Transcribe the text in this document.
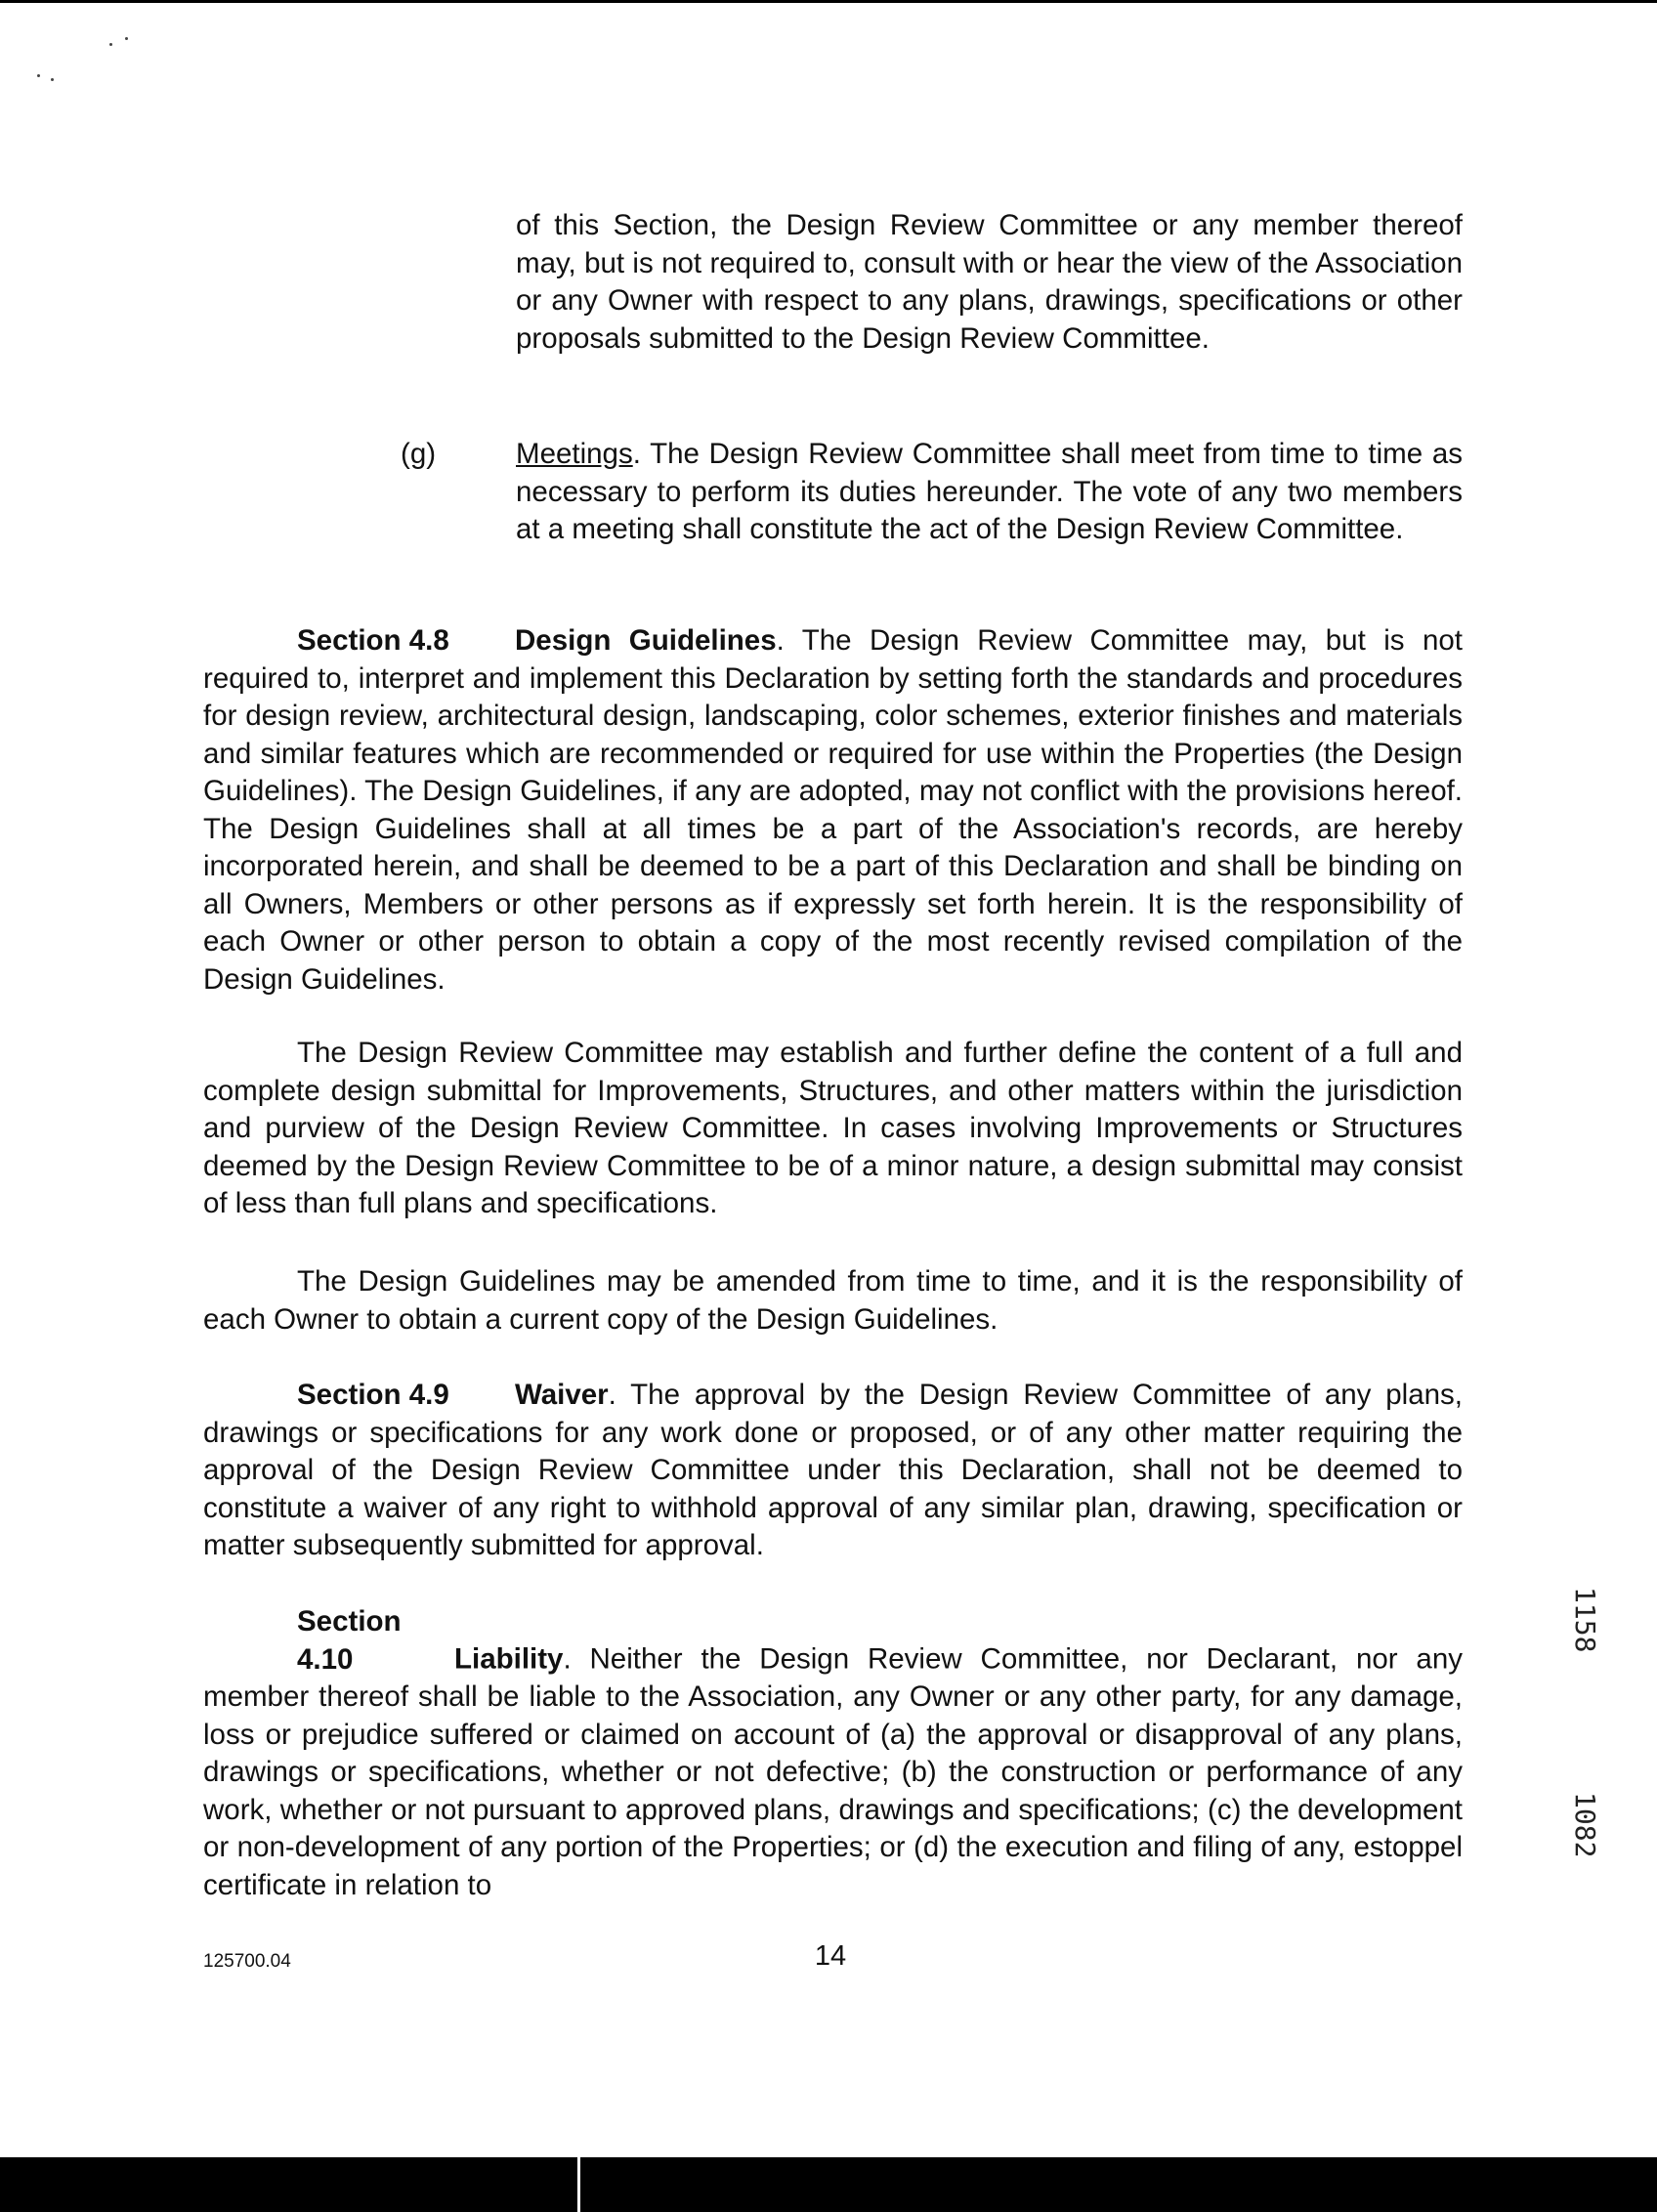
of this Section, the Design Review Committee or any member thereof may, but is not required to, consult with or hear the view of the Association or any Owner with respect to any plans, drawings, specifications or other proposals submitted to the Design Review Committee.

(g)	Meetings. The Design Review Committee shall meet from time to time as necessary to perform its duties hereunder. The vote of any two members at a meeting shall constitute the act of the Design Review Committee.

Section 4.8 Design Guidelines. The Design Review Committee may, but is not required to, interpret and implement this Declaration by setting forth the standards and procedures for design review, architectural design, landscaping, color schemes, exterior finishes and materials and similar features which are recommended or required for use within the Properties (the Design Guidelines). The Design Guidelines, if any are adopted, may not conflict with the provisions hereof. The Design Guidelines shall at all times be a part of the Association's records, are hereby incorporated herein, and shall be deemed to be a part of this Declaration and shall be binding on all Owners, Members or other persons as if expressly set forth herein. It is the responsibility of each Owner or other person to obtain a copy of the most recently revised compilation of the Design Guidelines.

The Design Review Committee may establish and further define the content of a full and complete design submittal for Improvements, Structures, and other matters within the jurisdiction and purview of the Design Review Committee. In cases involving Improvements or Structures deemed by the Design Review Committee to be of a minor nature, a design submittal may consist of less than full plans and specifications.

The Design Guidelines may be amended from time to time, and it is the responsibility of each Owner to obtain a current copy of the Design Guidelines.

Section 4.9 Waiver. The approval by the Design Review Committee of any plans, drawings or specifications for any work done or proposed, or of any other matter requiring the approval of the Design Review Committee under this Declaration, shall not be deemed to constitute a waiver of any right to withhold approval of any similar plan, drawing, specification or matter subsequently submitted for approval.

Section 4.10	Liability. Neither the Design Review Committee, nor Declarant, nor any member thereof shall be liable to the Association, any Owner or any other party, for any damage, loss or prejudice suffered or claimed on account of (a) the approval or disapproval of any plans, drawings or specifications, whether or not defective; (b) the construction or performance of any work, whether or not pursuant to approved plans, drawings and specifications; (c) the development or non-development of any portion of the Properties; or (d) the execution and filing of any, estoppel certificate in relation to

125700.04	14
1158
1082
